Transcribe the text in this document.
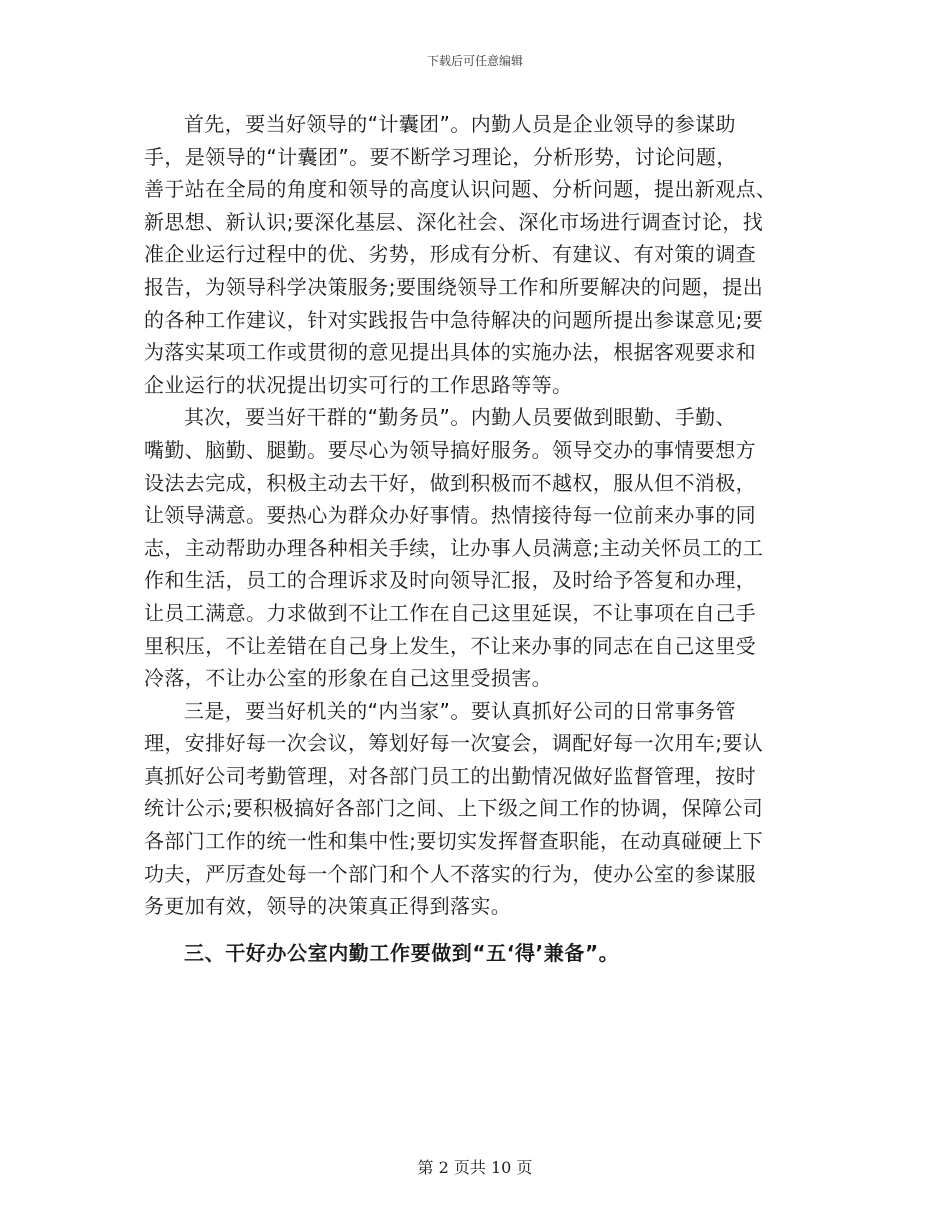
下载后可任意编辑

首先，要当好领导的“计囊团”。内勤人员是企业领导的参谋助
手，是领导的“计囊团”。要不断学习理论，分析形势，讨论问题，
善于站在全局的角度和领导的高度认识问题、分析问题，提出新观点、
新思想、新认识;要深化基层、深化社会、深化市场进行调查讨论，找
准企业运行过程中的优、劣势，形成有分析、有建议、有对策的调查
报告，为领导科学决策服务;要围绕领导工作和所要解决的问题，提出
的各种工作建议，针对实践报告中急待解决的问题所提出参谋意见;要
为落实某项工作或贯彻的意见提出具体的实施办法，根据客观要求和
企业运行的状况提出切实可行的工作思路等等。

其次，要当好干群的“勤务员”。内勤人员要做到眼勤、手勤、
嘴勤、脑勤、腿勤。要尽心为领导搞好服务。领导交办的事情要想方
设法去完成，积极主动去干好，做到积极而不越权，服从但不消极，
让领导满意。要热心为群众办好事情。热情接待每一位前来办事的同
志，主动帮助办理各种相关手续，让办事人员满意;主动关怀员工的工
作和生活，员工的合理诉求及时向领导汇报，及时给予答复和办理，
让员工满意。力求做到不让工作在自己这里延误，不让事项在自己手
里积压，不让差错在自己身上发生，不让来办事的同志在自己这里受
冷落，不让办公室的形象在自己这里受损害。

三是，要当好机关的“内当家”。要认真抓好公司的日常事务管
理，安排好每一次会议，筹划好每一次宴会，调配好每一次用车;要认
真抓好公司考勤管理，对各部门员工的出勤情况做好监督管理，按时
统计公示;要积极搞好各部门之间、上下级之间工作的协调，保障公司
各部门工作的统一性和集中性;要切实发挥督查职能，在动真碰硬上下
功夫，严厉查处每一个部门和个人不落实的行为，使办公室的参谋服
务更加有效，领导的决策真正得到落实。

三、干好办公室内勤工作要做到“五‘得’兼备”。

第 2 页共 10 页
